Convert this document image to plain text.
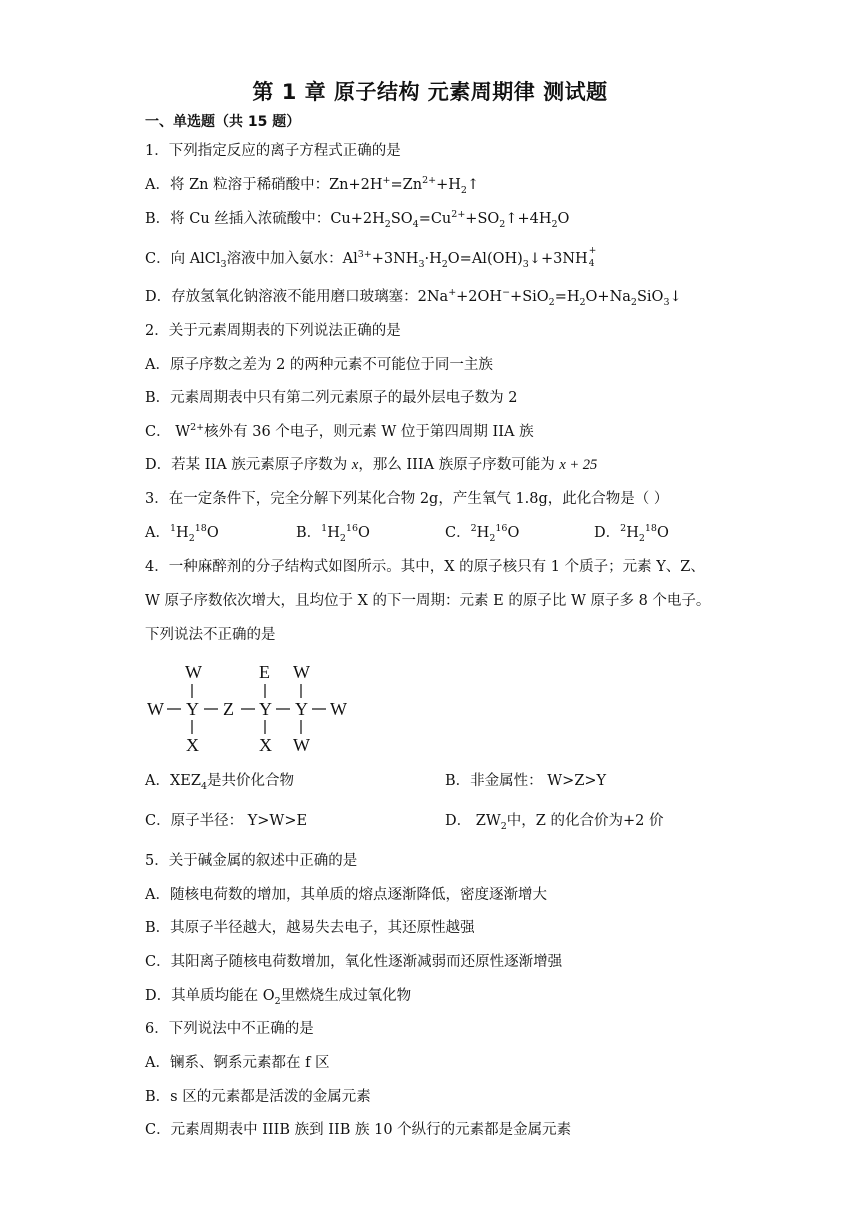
第 1 章 原子结构 元素周期律 测试题
一、单选题（共 15 题）
1．下列指定反应的离子方程式正确的是
A．将 Zn 粒溶于稀硝酸中：$Zn+2H^+=Zn^{2+}+H_2↑$
B．将 Cu 丝插入浓硫酸中：$Cu+2H_2SO_4=Cu^{2+}+SO_2↑+4H_2O$
C．向 AlCl$_3$溶液中加入氨水：$Al^{3+}+3NH_3\cdot H_2O=Al(OH)_3↓+3NH$ +
4
D．存放氢氧化钠溶液不能用磨口玻璃塞：$2Na^++2OH^-+SiO_2=H_2O+Na_2SiO_3↓$
2．关于元素周期表的下列说法正确的是
A．原子序数之差为 2 的两种元素不可能位于同一主族
B．元素周期表中只有第二列元素原子的最外层电子数为 2
C． $W^{2+}$核外有 36 个电子，则元素 W 位于第四周期 IIA 族
D．若某 IIA 族元素原子序数为 x，那么 IIIA 族原子序数可能为 x + 25
3．在一定条件下，完全分解下列某化合物 2g，产生氧气 1.8g，此化合物是（ ）
A．$^1H_2^{18}O$	B．$^1H_2^{16}O$	C．$^2H_2^{16}O$	D．$^2H_2^{18}O$
4．一种麻醉剂的分子结构式如图所示。其中，X 的原子核只有 1 个质子；元素 Y、Z、
W 原子序数依次增大，且均位于 X 的下一周期：元素 E 的原子比 W 原子多 8 个电子。
下列说法不正确的是
W	E W
W Y Z Y Y W
X	X W
A．$XEZ_4$是共价化合物	B．非金属性： W>Z>Y
C．原子半径： Y>W>E	D． $ZW_2$中，Z 的化合价为+2 价
5．关于碱金属的叙述中正确的是
A．随核电荷数的增加，其单质的熔点逐渐降低，密度逐渐增大
B．其原子半径越大，越易失去电子，其还原性越强
C．其阳离子随核电荷数增加，氧化性逐渐减弱而还原性逐渐增强
D．其单质均能在 $O_2$里燃烧生成过氧化物
6．下列说法中不正确的是
A．镧系、锕系元素都在 f 区
B．s 区的元素都是活泼的金属元素
C．元素周期表中 IIIB 族到 IIB 族 10 个纵行的元素都是金属元素
